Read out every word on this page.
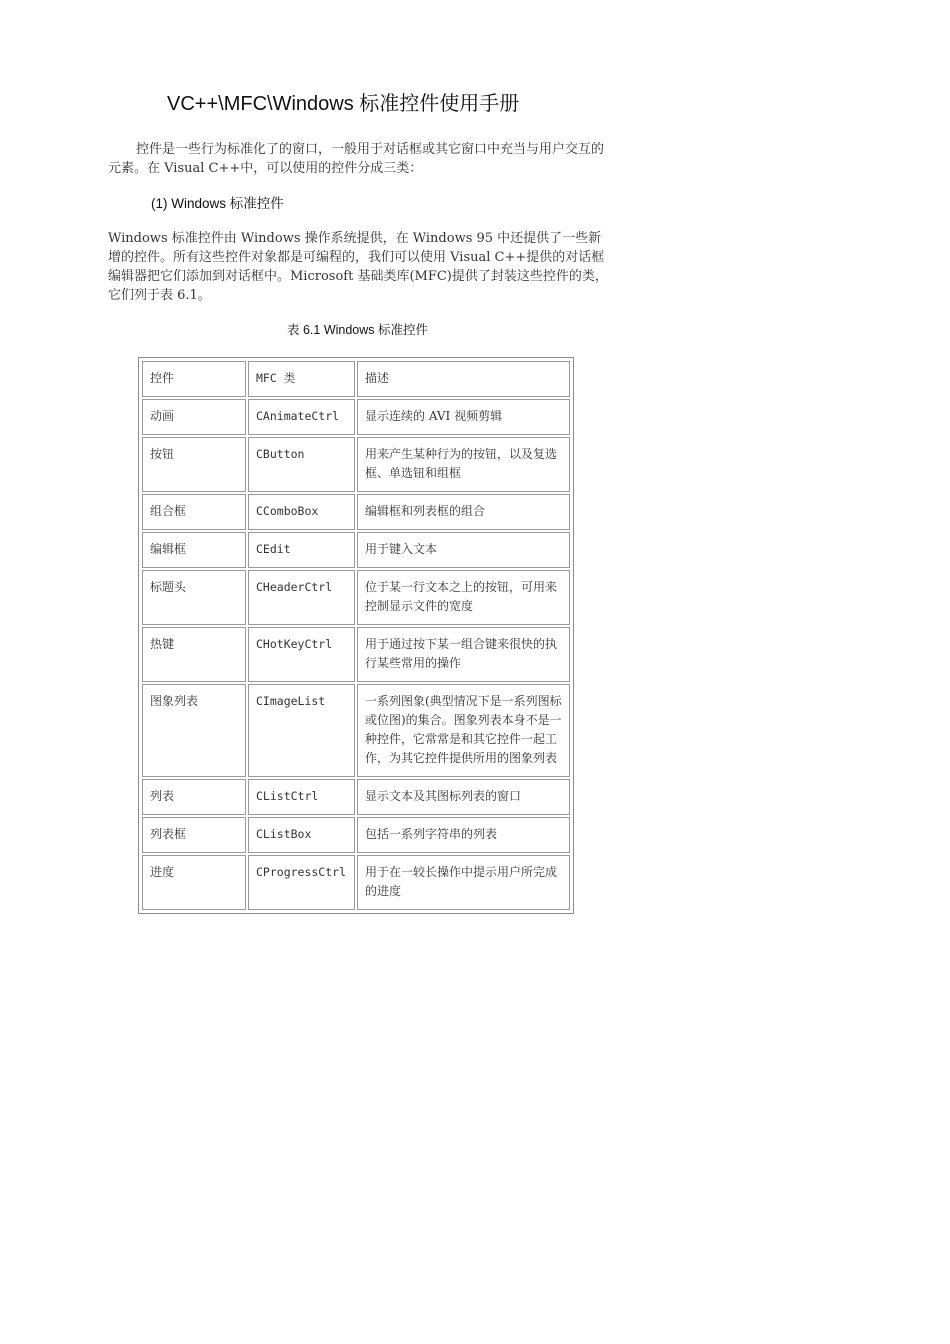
VC++\MFC\Windows 标准控件使用手册

控件是一些行为标准化了的窗口，一般用于对话框或其它窗口中充当与用户交互的元素。在 Visual C++中，可以使用的控件分成三类：

(1) Windows 标准控件

Windows 标准控件由 Windows 操作系统提供，在 Windows 95 中还提供了一些新增的控件。所有这些控件对象都是可编程的，我们可以使用 Visual C++提供的对话框编辑器把它们添加到对话框中。Microsoft 基础类库(MFC)提供了封装这些控件的类，它们列于表 6.1。

表 6.1 Windows 标准控件

控件	MFC 类	描述
动画	CAnimateCtrl	显示连续的 AVI 视频剪辑
按钮	CButton	用来产生某种行为的按钮，以及复选框、单选钮和组框
组合框	CComboBox	编辑框和列表框的组合
编辑框	CEdit	用于键入文本
标题头	CHeaderCtrl	位于某一行文本之上的按钮，可用来控制显示文件的宽度
热键	CHotKeyCtrl	用于通过按下某一组合键来很快的执行某些常用的操作
图象列表	CImageList	一系列图象(典型情况下是一系列图标或位图)的集合。图象列表本身不是一种控件，它常常是和其它控件一起工作，为其它控件提供所用的图象列表
列表	CListCtrl	显示文本及其图标列表的窗口
列表框	CListBox	包括一系列字符串的列表
进度	CProgressCtrl	用于在一较长操作中提示用户所完成的进度
